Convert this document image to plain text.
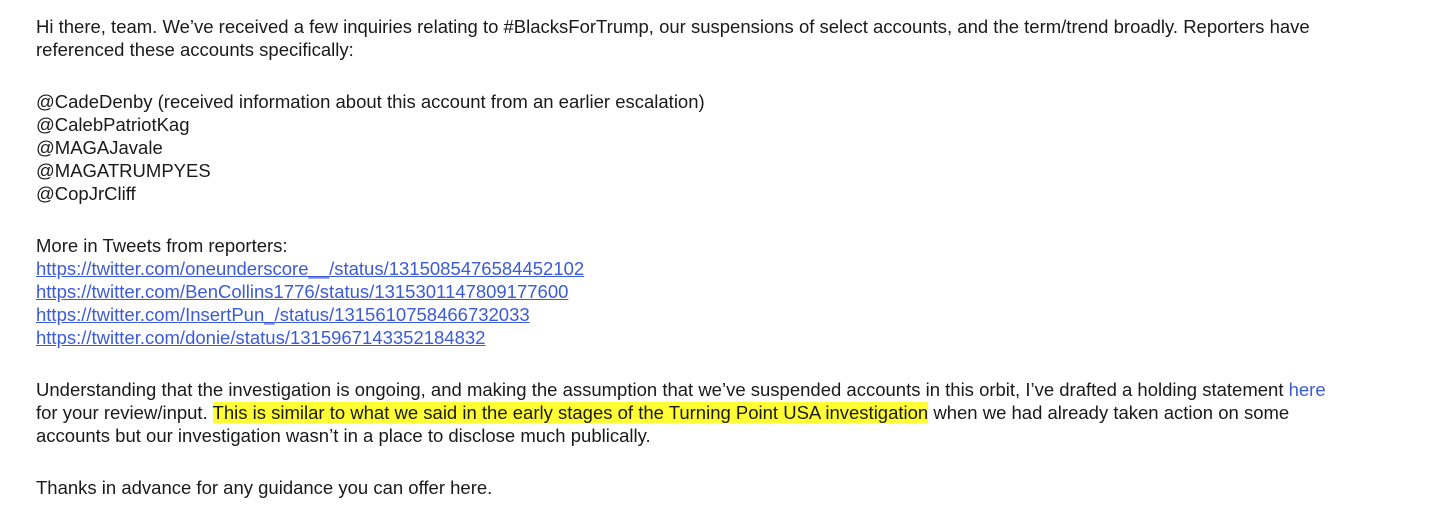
Hi there, team. We’ve received a few inquiries relating to #BlacksForTrump, our suspensions of select accounts, and the term/trend broadly. Reporters have
referenced these accounts specifically:

@CadeDenby (received information about this account from an earlier escalation)
@CalebPatriotKag
@MAGAJavale
@MAGATRUMPYES
@CopJrCliff

More in Tweets from reporters:
https://twitter.com/oneunderscore__/status/1315085476584452102
https://twitter.com/BenCollins1776/status/1315301147809177600
https://twitter.com/InsertPun_/status/1315610758466732033
https://twitter.com/donie/status/1315967143352184832

Understanding that the investigation is ongoing, and making the assumption that we’ve suspended accounts in this orbit, I’ve drafted a holding statement here
for your review/input. This is similar to what we said in the early stages of the Turning Point USA investigation when we had already taken action on some
accounts but our investigation wasn’t in a place to disclose much publically.

Thanks in advance for any guidance you can offer here.
